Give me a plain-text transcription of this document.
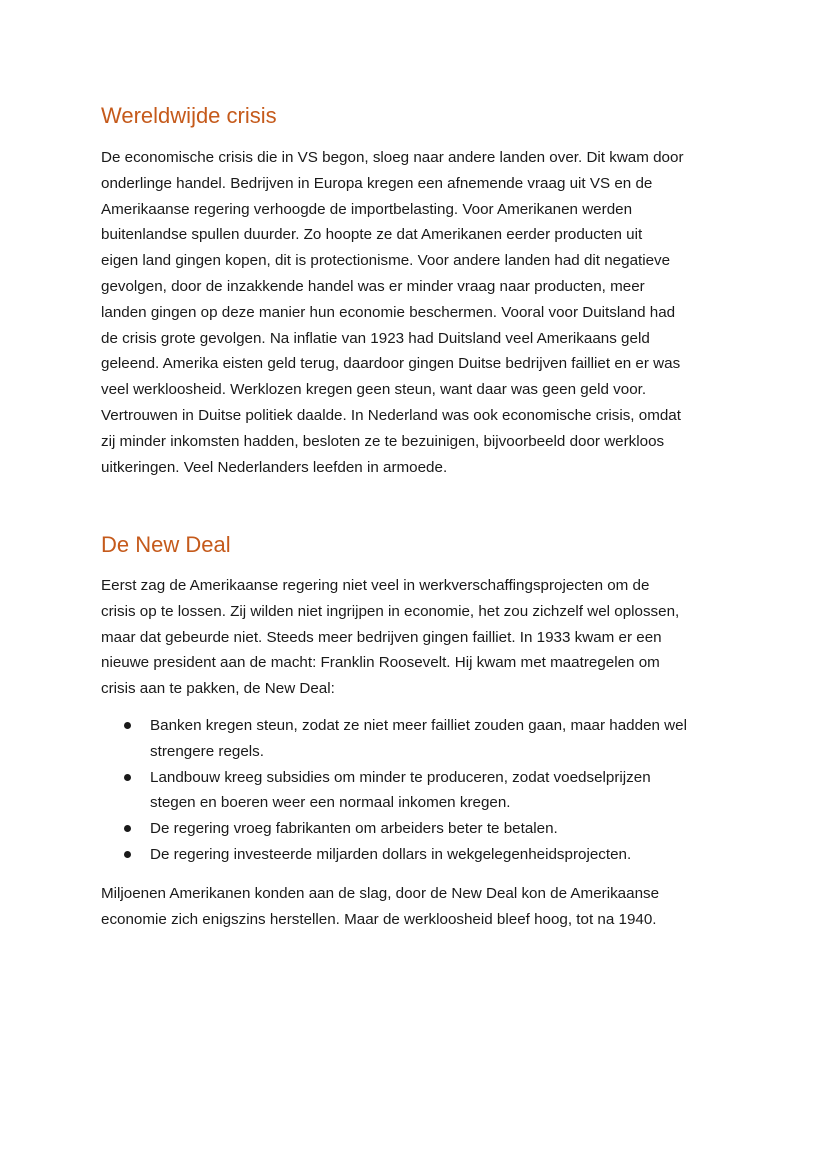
Wereldwijde crisis

De economische crisis die in VS begon, sloeg naar andere landen over. Dit kwam door
onderlinge handel. Bedrijven in Europa kregen een afnemende vraag uit VS en de
Amerikaanse regering verhoogde de importbelasting. Voor Amerikanen werden
buitenlandse spullen duurder. Zo hoopte ze dat Amerikanen eerder producten uit
eigen land gingen kopen, dit is protectionisme. Voor andere landen had dit negatieve
gevolgen, door de inzakkende handel was er minder vraag naar producten, meer
landen gingen op deze manier hun economie beschermen. Vooral voor Duitsland had
de crisis grote gevolgen. Na inflatie van 1923 had Duitsland veel Amerikaans geld
geleend. Amerika eisten geld terug, daardoor gingen Duitse bedrijven failliet en er was
veel werkloosheid. Werklozen kregen geen steun, want daar was geen geld voor.
Vertrouwen in Duitse politiek daalde. In Nederland was ook economische crisis, omdat
zij minder inkomsten hadden, besloten ze te bezuinigen, bijvoorbeeld door werkloos
uitkeringen. Veel Nederlanders leefden in armoede.

De New Deal

Eerst zag de Amerikaanse regering niet veel in werkverschaffingsprojecten om de
crisis op te lossen. Zij wilden niet ingrijpen in economie, het zou zichzelf wel oplossen,
maar dat gebeurde niet. Steeds meer bedrijven gingen failliet. In 1933 kwam er een
nieuwe president aan de macht: Franklin Roosevelt. Hij kwam met maatregelen om
crisis aan te pakken, de New Deal:

Banken kregen steun, zodat ze niet meer failliet zouden gaan, maar hadden wel
strengere regels.
Landbouw kreeg subsidies om minder te produceren, zodat voedselprijzen
stegen en boeren weer een normaal inkomen kregen.
De regering vroeg fabrikanten om arbeiders beter te betalen.
De regering investeerde miljarden dollars in wekgelegenheidsprojecten.

Miljoenen Amerikanen konden aan de slag, door de New Deal kon de Amerikaanse
economie zich enigszins herstellen. Maar de werkloosheid bleef hoog, tot na 1940.
